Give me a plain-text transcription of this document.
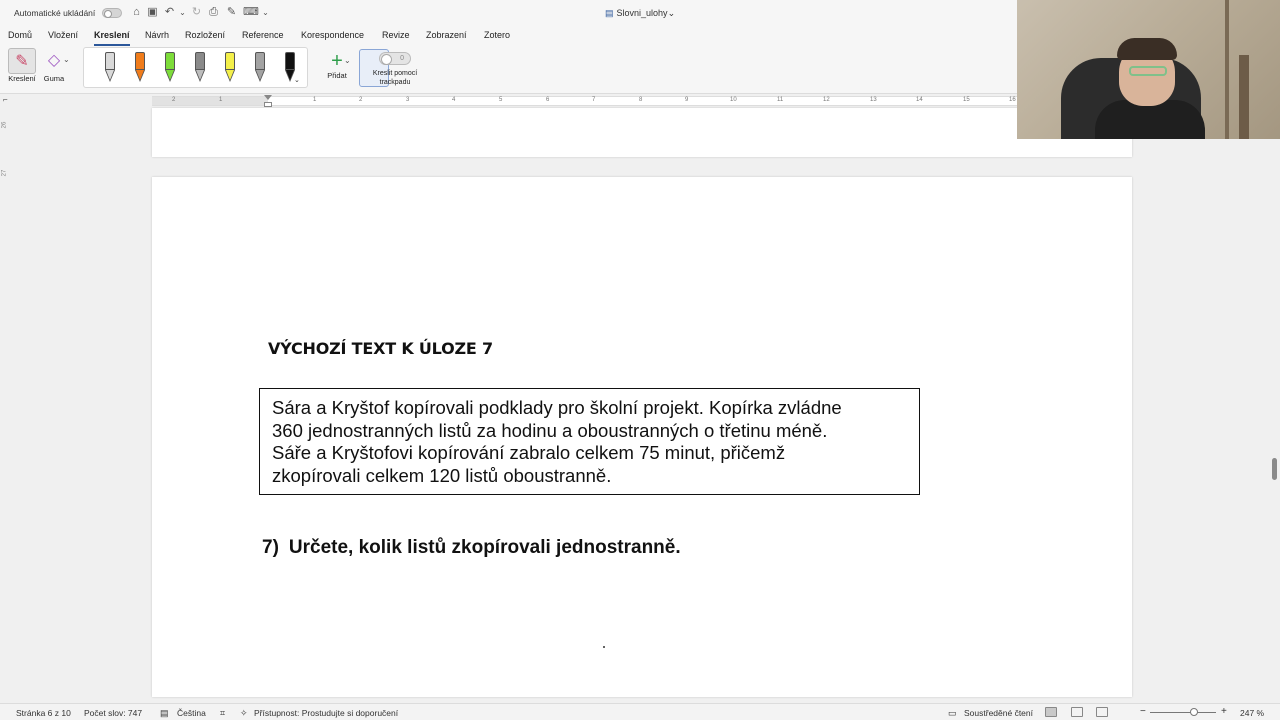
Automatické ukládání	⌂ ▣ ↶ ⌄ ↻ ⎙ ✎ ⌨ ⌄	▤ Slovni_ulohy⌄
Domů Vložení Kreslení Návrh Rozložení Reference Korespondence Revize Zobrazení Zotero
✎
Kreslení
◇
Guma
⌄
⌄
+
Přidat
⌄	0
Kreslit pomocí
trackpadu
⌐	2	1	1	2	3	4	5	6	7	8	9	10	11	12	13	14	15	16
26
27
VÝCHOZÍ TEXT K ÚLOZE 7

Sára a Kryštof kopírovali podklady pro školní projekt. Kopírka zvládne

360 jednostranných listů za hodinu a oboustranných o třetinu méně.

Sáře a Kryštofovi kopírování zabralo celkem 75 minut, přičemž

zkopírovali celkem 120 listů oboustranně.

7) Určete, kolik listů zkopírovali jednostranně.
Stránka 6 z 10 Počet slov: 747 ▤ Čeština ⌗ ✧ Přístupnost: Prostudujte si doporučení	▭ Soustředěné čtení	−	+ 247 %
